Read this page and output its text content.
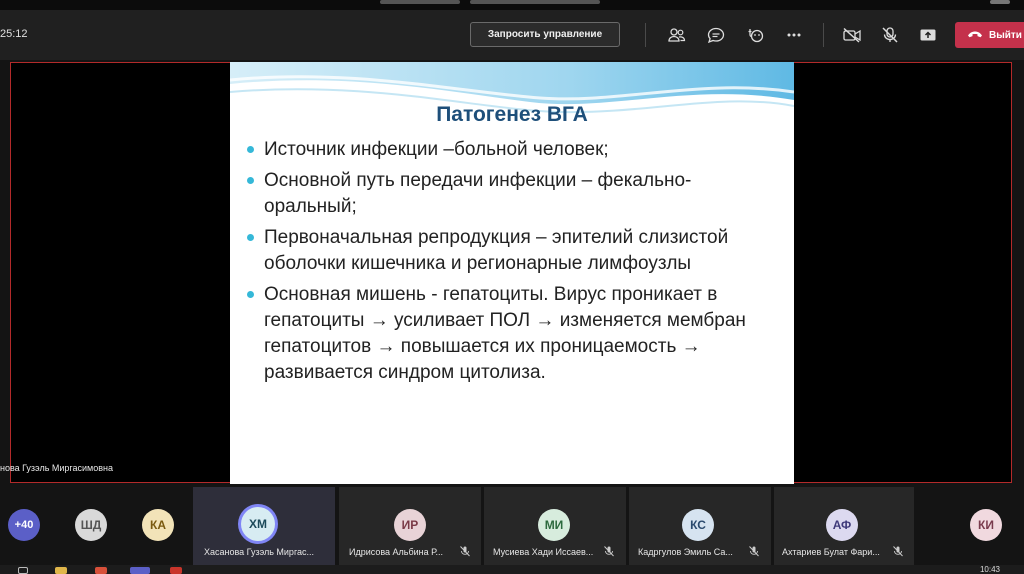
25:12	Запросить управление	Выйти
Патогенез ВГА
Источник инфекции –больной человек;
Основной путь передачи инфекции – фекально-оральный;
Первоначальная репродукция – эпителий слизистой оболочки кишечника и регионарные лимфоузлы
Основная мишень - гепатоциты. Вирус проникает в гепатоциты → усиливает ПОЛ → изменяется мембран гепатоцитов → повышается их проницаемость → развивается синдром цитолиза.
нова Гузэль Миргасимовна
+40	ШД	КА	ХМ
Хасанова Гузэль Миргас...
ИР
Идрисова Альбина Р...
МИ
Мусиева Хади Иссаев...
КС
Кадргулов Эмиль Са...
АФ
Ахтариев Булат Фари...
КИ
10:43
